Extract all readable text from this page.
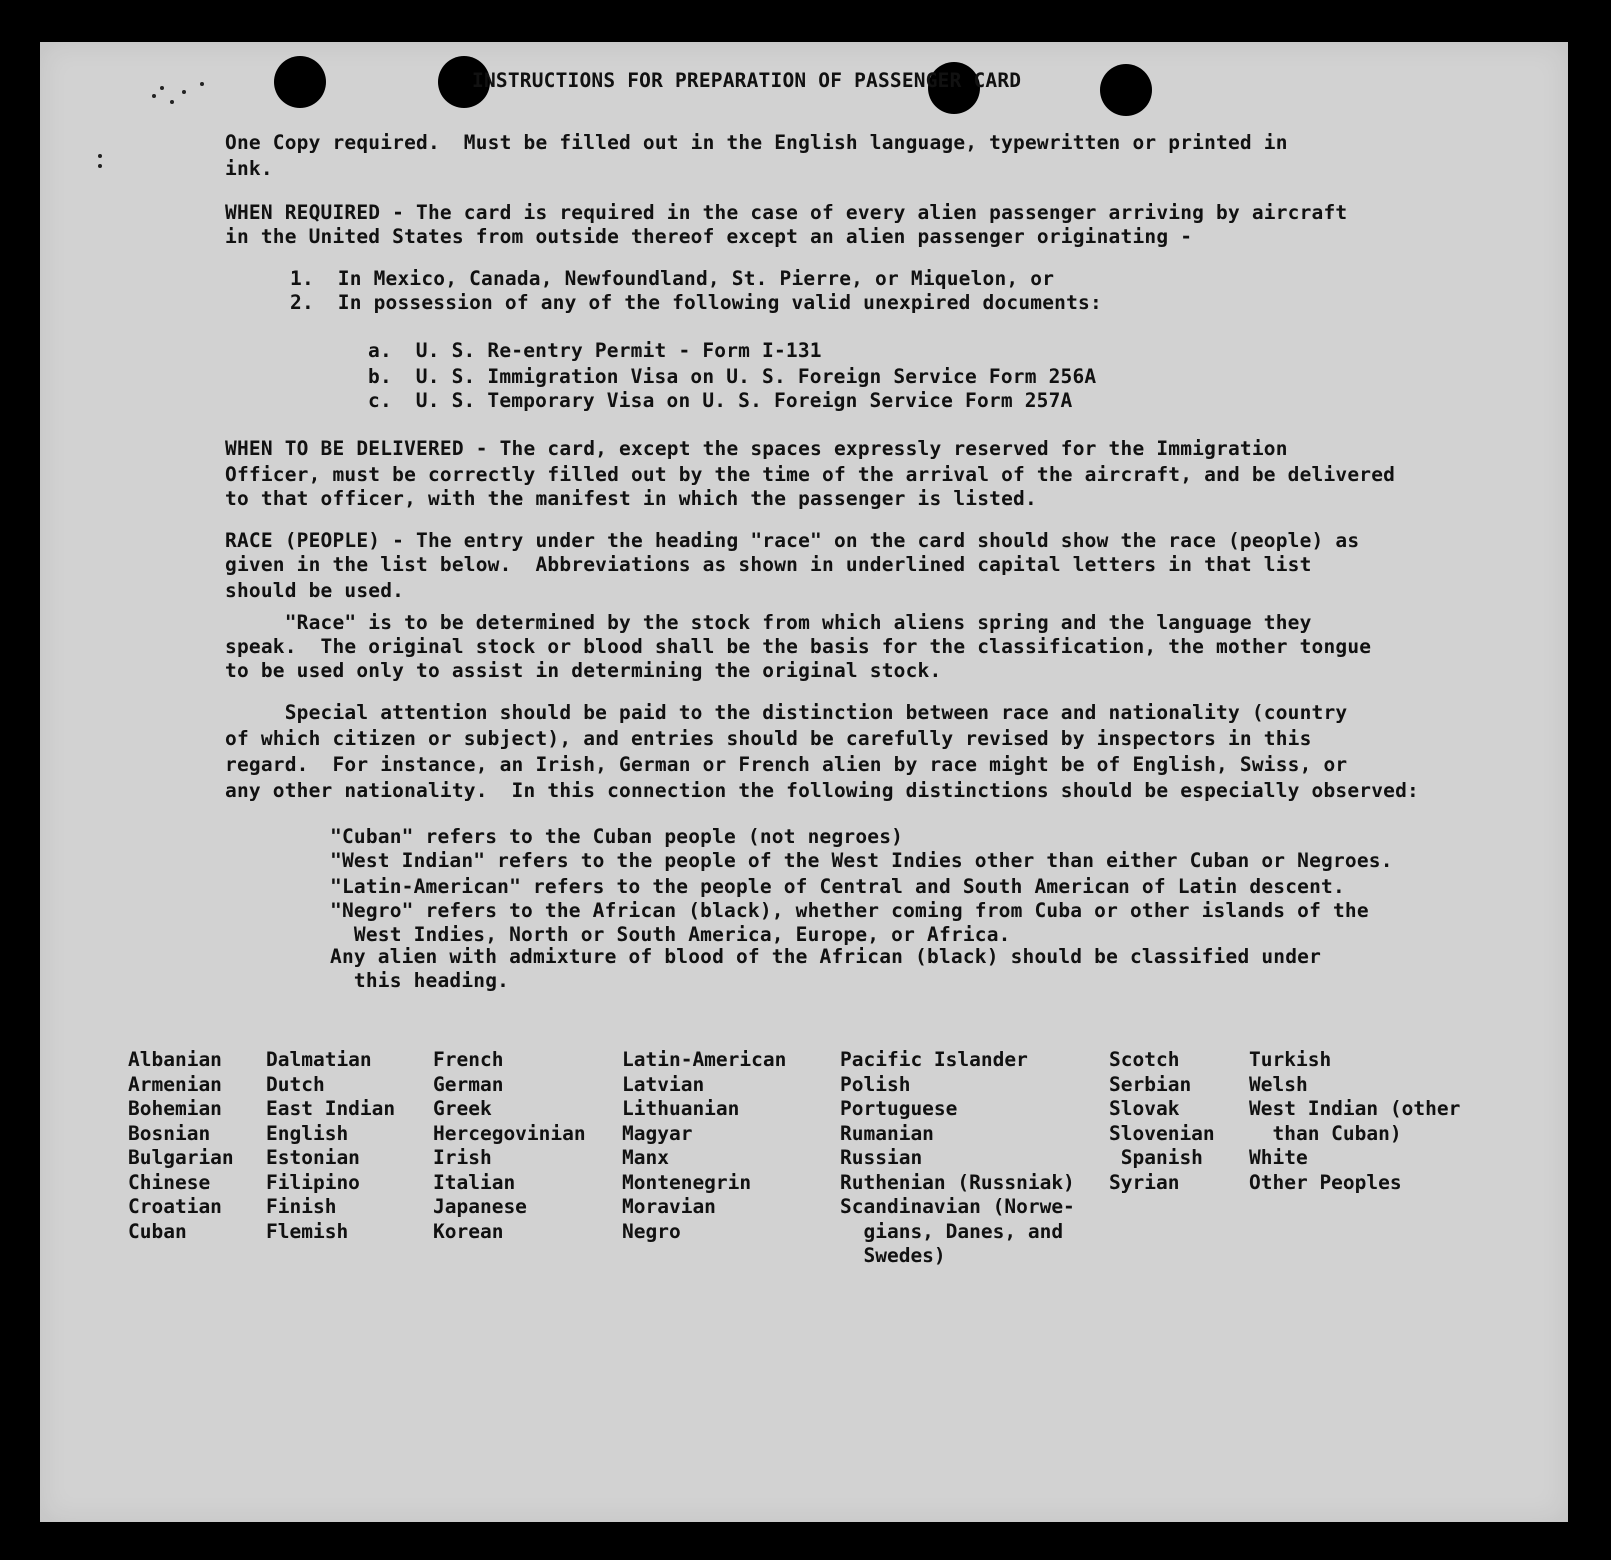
INSTRUCTIONS FOR PREPARATION OF PASSENGER CARD
One Copy required.  Must be filled out in the English language, typewritten or printed in
ink.
WHEN REQUIRED - The card is required in the case of every alien passenger arriving by aircraft
in the United States from outside thereof except an alien passenger originating -
1.  In Mexico, Canada, Newfoundland, St. Pierre, or Miquelon, or
2.  In possession of any of the following valid unexpired documents:
a.  U. S. Re-entry Permit - Form I-131
b.  U. S. Immigration Visa on U. S. Foreign Service Form 256A
c.  U. S. Temporary Visa on U. S. Foreign Service Form 257A
WHEN TO BE DELIVERED - The card, except the spaces expressly reserved for the Immigration
Officer, must be correctly filled out by the time of the arrival of the aircraft, and be delivered
to that officer, with the manifest in which the passenger is listed.
RACE (PEOPLE) - The entry under the heading "race" on the card should show the race (people) as
given in the list below.  Abbreviations as shown in underlined capital letters in that list
should be used.
"Race" is to be determined by the stock from which aliens spring and the language they
speak.  The original stock or blood shall be the basis for the classification, the mother tongue
to be used only to assist in determining the original stock.
Special attention should be paid to the distinction between race and nationality (country
of which citizen or subject), and entries should be carefully revised by inspectors in this
regard.  For instance, an Irish, German or French alien by race might be of English, Swiss, or
any other nationality.  In this connection the following distinctions should be especially observed:
"Cuban" refers to the Cuban people (not negroes)
"West Indian" refers to the people of the West Indies other than either Cuban or Negroes.
"Latin-American" refers to the people of Central and South American of Latin descent.
"Negro" refers to the African (black), whether coming from Cuba or other islands of the
West Indies, North or South America, Europe, or Africa.
Any alien with admixture of blood of the African (black) should be classified under
this heading.
Albanian
Armenian
Bohemian
Bosnian
Bulgarian
Chinese
Croatian
Cuban
Dalmatian
Dutch
East Indian
English
Estonian
Filipino
Finish
Flemish
French
German
Greek
Hercegovinian
Irish
Italian
Japanese
Korean
Latin-American
Latvian
Lithuanian
Magyar
Manx
Montenegrin
Moravian
Negro
Pacific Islander
Polish
Portuguese
Rumanian
Russian
Ruthenian (Russniak)
Scandinavian (Norwe-
gians, Danes, and
Swedes)
Scotch
Serbian
Slovak
Slovenian
Spanish
Syrian
Turkish
Welsh
West Indian (other
than Cuban)
White
Other Peoples
